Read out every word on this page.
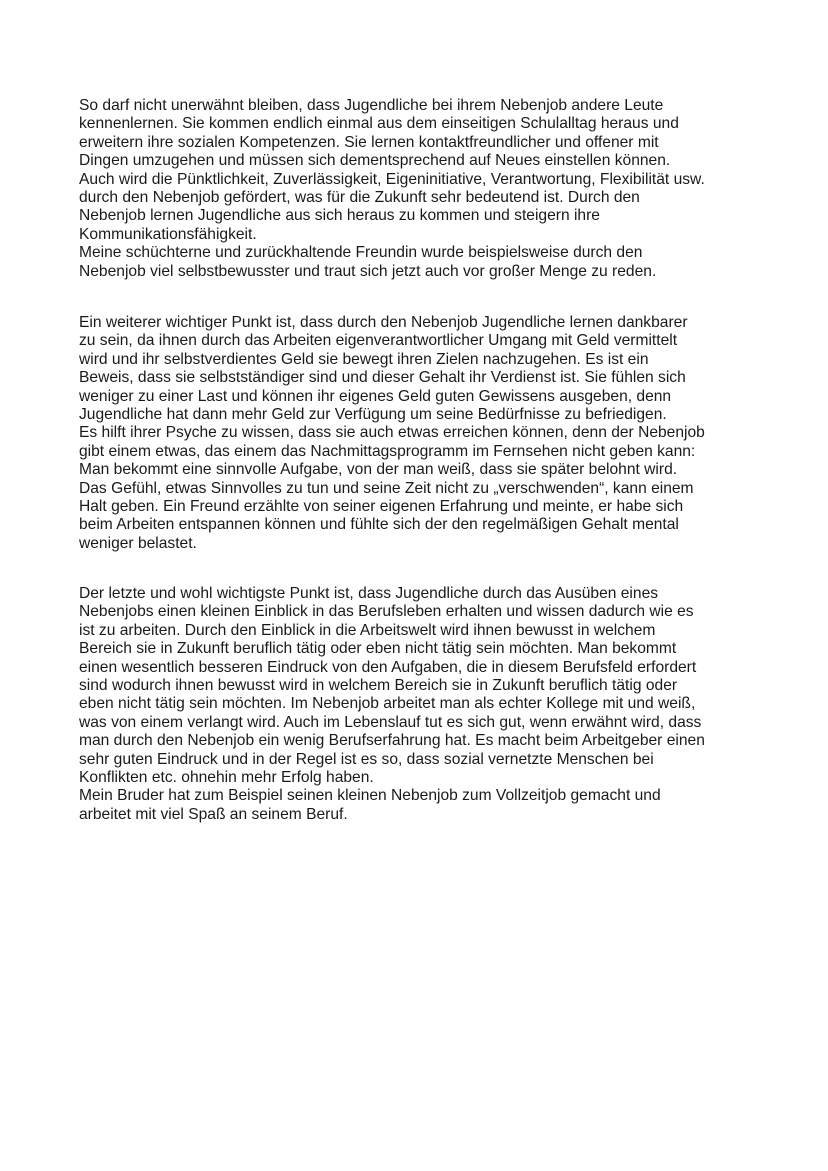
So darf nicht unerwähnt bleiben, dass Jugendliche bei ihrem Nebenjob andere Leute
kennenlernen. Sie kommen endlich einmal aus dem einseitigen Schulalltag heraus und
erweitern ihre sozialen Kompetenzen. Sie lernen kontaktfreundlicher und offener mit
Dingen umzugehen und müssen sich dementsprechend auf Neues einstellen können.
Auch wird die Pünktlichkeit, Zuverlässigkeit, Eigeninitiative, Verantwortung, Flexibilität usw.
durch den Nebenjob gefördert, was für die Zukunft sehr bedeutend ist. Durch den
Nebenjob lernen Jugendliche aus sich heraus zu kommen und steigern ihre
Kommunikationsfähigkeit.
Meine schüchterne und zurückhaltende Freundin wurde beispielsweise durch den
Nebenjob viel selbstbewusster und traut sich jetzt auch vor großer Menge zu reden.
Ein weiterer wichtiger Punkt ist, dass durch den Nebenjob Jugendliche lernen dankbarer
zu sein, da ihnen durch das Arbeiten eigenverantwortlicher Umgang mit Geld vermittelt
wird und ihr selbstverdientes Geld sie bewegt ihren Zielen nachzugehen. Es ist ein
Beweis, dass sie selbstständiger sind und dieser Gehalt ihr Verdienst ist. Sie fühlen sich
weniger zu einer Last und können ihr eigenes Geld guten Gewissens ausgeben, denn
Jugendliche hat dann mehr Geld zur Verfügung um seine Bedürfnisse zu befriedigen.
Es hilft ihrer Psyche zu wissen, dass sie auch etwas erreichen können, denn der Nebenjob
gibt einem etwas, das einem das Nachmittagsprogramm im Fernsehen nicht geben kann:
Man bekommt eine sinnvolle Aufgabe, von der man weiß, dass sie später belohnt wird.
Das Gefühl, etwas Sinnvolles zu tun und seine Zeit nicht zu „verschwenden“, kann einem
Halt geben. Ein Freund erzählte von seiner eigenen Erfahrung und meinte, er habe sich
beim Arbeiten entspannen können und fühlte sich der den regelmäßigen Gehalt mental
weniger belastet.
Der letzte und wohl wichtigste Punkt ist, dass Jugendliche durch das Ausüben eines
Nebenjobs einen kleinen Einblick in das Berufsleben erhalten und wissen dadurch wie es
ist zu arbeiten. Durch den Einblick in die Arbeitswelt wird ihnen bewusst in welchem
Bereich sie in Zukunft beruflich tätig oder eben nicht tätig sein möchten. Man bekommt
einen wesentlich besseren Eindruck von den Aufgaben, die in diesem Berufsfeld erfordert
sind wodurch ihnen bewusst wird in welchem Bereich sie in Zukunft beruflich tätig oder
eben nicht tätig sein möchten. Im Nebenjob arbeitet man als echter Kollege mit und weiß,
was von einem verlangt wird. Auch im Lebenslauf tut es sich gut, wenn erwähnt wird, dass
man durch den Nebenjob ein wenig Berufserfahrung hat. Es macht beim Arbeitgeber einen
sehr guten Eindruck und in der Regel ist es so, dass sozial vernetzte Menschen bei
Konflikten etc. ohnehin mehr Erfolg haben.
Mein Bruder hat zum Beispiel seinen kleinen Nebenjob zum Vollzeitjob gemacht und
arbeitet mit viel Spaß an seinem Beruf.
